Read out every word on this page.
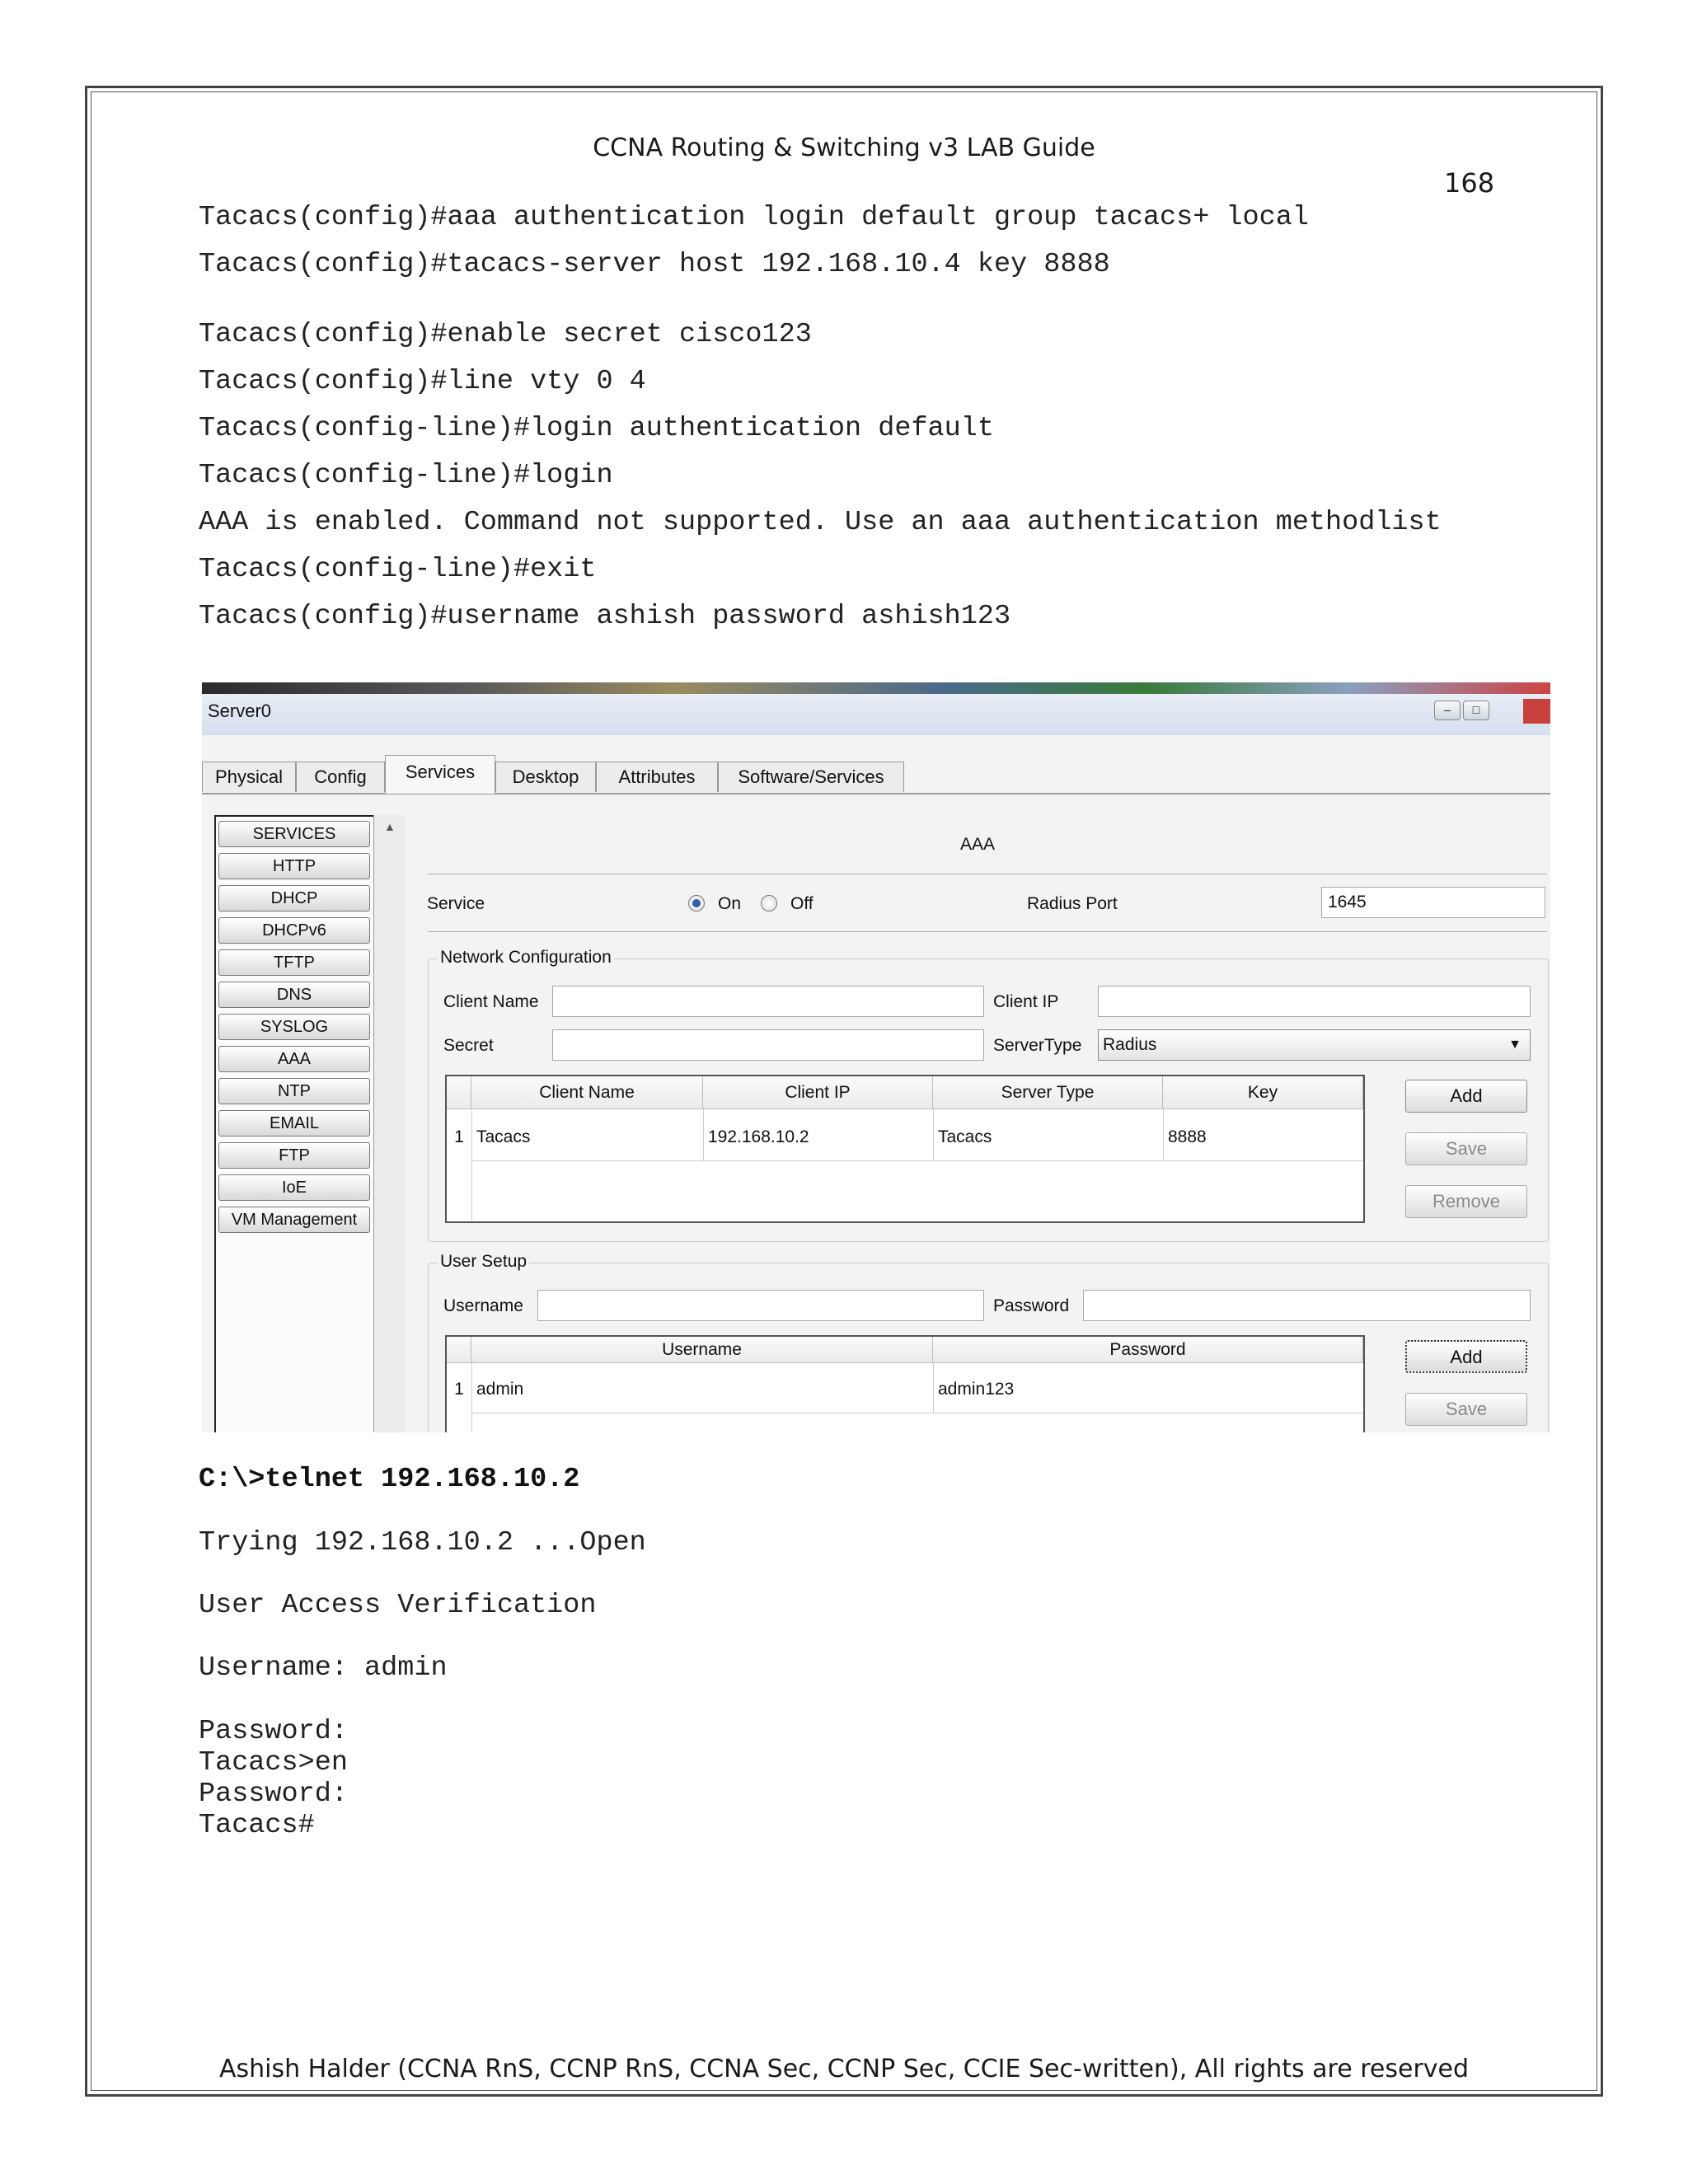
CCNA Routing & Switching v3 LAB Guide
168
Tacacs(config)#aaa authentication login default group tacacs+ local
Tacacs(config)#tacacs-server host 192.168.10.4 key 8888
Tacacs(config)#enable secret cisco123
Tacacs(config)#line vty 0 4
Tacacs(config-line)#login authentication default
Tacacs(config-line)#login
AAA is enabled. Command not supported. Use an aaa authentication methodlist
Tacacs(config-line)#exit
Tacacs(config)#username ashish password ashish123
Server0	–	□
Physical	Config	Services	Desktop	Attributes	Software/Services
SERVICES
HTTP
DHCP
DHCPv6
TFTP
DNS
SYSLOG
AAA
NTP
EMAIL
FTP
IoE
VM Management
▲
AAA
Service	On	Off	Radius Port	1645
Network Configuration
Client Name	Client IP
Secret	ServerType Radius	▼
Client Name	Client IP	Server Type	Key
1 Tacacs	192.168.10.2	Tacacs	8888
Add
Save
Remove
User Setup
Username	Password
Username	Password
1 admin	admin123
Add
Save
C:\>telnet 192.168.10.2
Trying 192.168.10.2 ...Open
User Access Verification
Username: admin
Password:
Tacacs>en
Password:
Tacacs#
Ashish Halder (CCNA RnS, CCNP RnS, CCNA Sec, CCNP Sec, CCIE Sec-written), All rights are reserved
